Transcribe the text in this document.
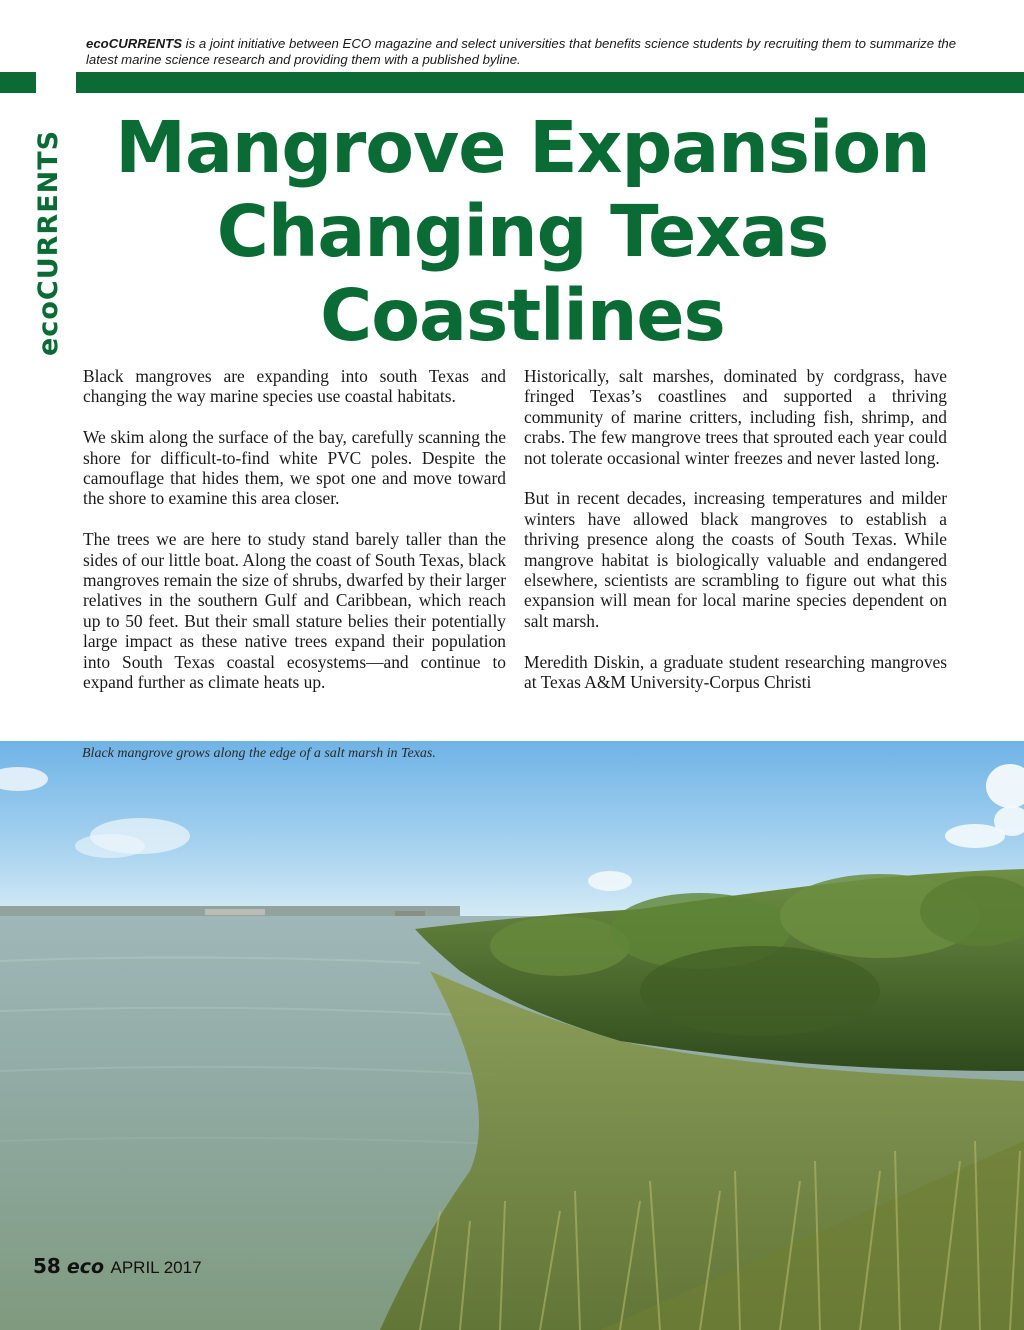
ecoCURRENTS is a joint initiative between ECO magazine and select universities that benefits science students by recruiting them to summarize the latest marine science research and providing them with a published byline.
ecoCURRENTS Mangrove Expansion
Changing Texas
Coastlines

Black mangroves are expanding into south Texas and changing the way marine species use coastal habitats.

We skim along the surface of the bay, carefully scanning the shore for difficult-to-find white PVC poles. Despite the camouflage that hides them, we spot one and move toward the shore to examine this area closer.

The trees we are here to study stand barely taller than the sides of our little boat. Along the coast of South Texas, black mangroves remain the size of shrubs, dwarfed by their larger relatives in the southern Gulf and Caribbean, which reach up to 50 feet. But their small stature belies their potentially large impact as these native trees expand their population into South Texas coastal ecosystems—and continue to expand further as climate heats up.

Historically, salt marshes, dominated by cordgrass, have fringed Texas’s coastlines and supported a thriving community of marine critters, including fish, shrimp, and crabs. The few mangrove trees that sprouted each year could not tolerate occasional winter freezes and never lasted long.

But in recent decades, increasing temperatures and milder winters have allowed black mangroves to establish a thriving presence along the coasts of South Texas. While mangrove habitat is biologically valuable and endangered elsewhere, scientists are scrambling to figure out what this expansion will mean for local marine species dependent on salt marsh.

Meredith Diskin, a graduate student researching mangroves at Texas A&M University-Corpus Christi

Black mangrove grows along the edge of a salt marsh in Texas.
58 eco APRIL 2017
